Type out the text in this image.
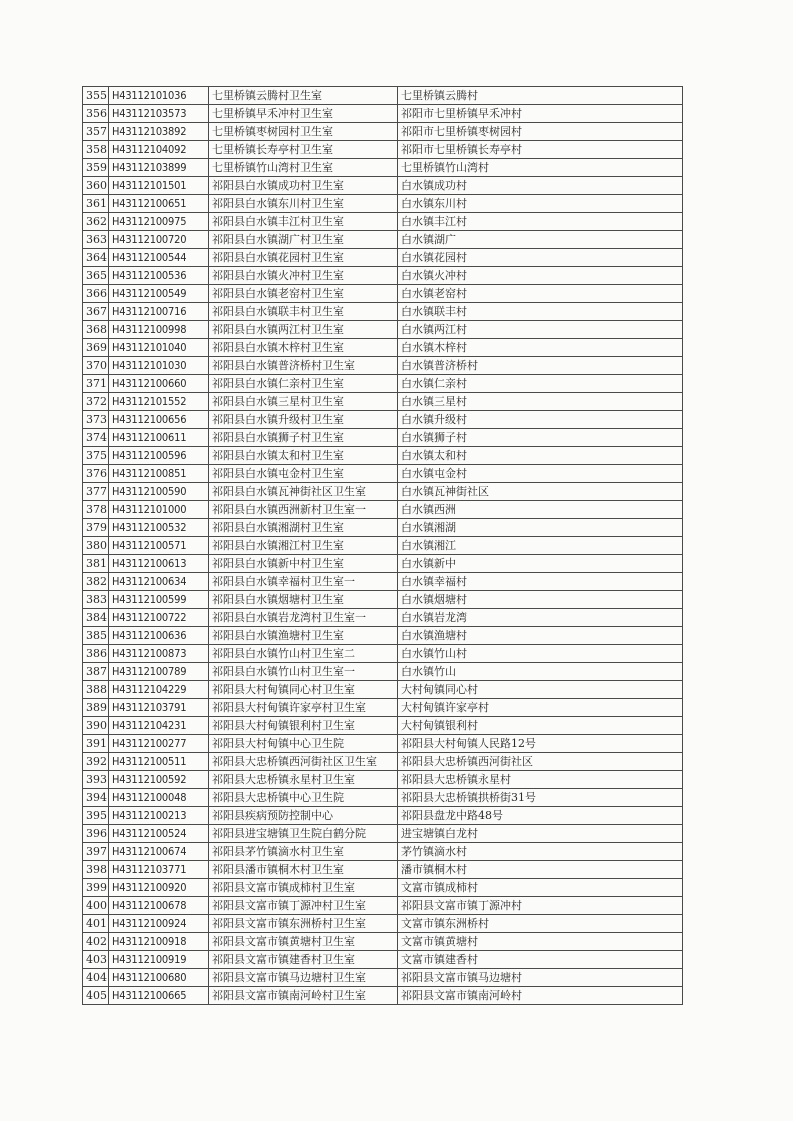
355	H43112101036	七里桥镇云腾村卫生室	七里桥镇云腾村
356	H43112103573	七里桥镇早禾冲村卫生室	祁阳市七里桥镇早禾冲村
357	H43112103892	七里桥镇枣树园村卫生室	祁阳市七里桥镇枣树园村
358	H43112104092	七里桥镇长寿亭村卫生室	祁阳市七里桥镇长寿亭村
359	H43112103899	七里桥镇竹山湾村卫生室	七里桥镇竹山湾村
360	H43112101501	祁阳县白水镇成功村卫生室	白水镇成功村
361	H43112100651	祁阳县白水镇东川村卫生室	白水镇东川村
362	H43112100975	祁阳县白水镇丰江村卫生室	白水镇丰江村
363	H43112100720	祁阳县白水镇湖广村卫生室	白水镇湖广
364	H43112100544	祁阳县白水镇花园村卫生室	白水镇花园村
365	H43112100536	祁阳县白水镇火冲村卫生室	白水镇火冲村
366	H43112100549	祁阳县白水镇老窑村卫生室	白水镇老窑村
367	H43112100716	祁阳县白水镇联丰村卫生室	白水镇联丰村
368	H43112100998	祁阳县白水镇两江村卫生室	白水镇两江村
369	H43112101040	祁阳县白水镇木梓村卫生室	白水镇木梓村
370	H43112101030	祁阳县白水镇普济桥村卫生室	白水镇普济桥村
371	H43112100660	祁阳县白水镇仁亲村卫生室	白水镇仁亲村
372	H43112101552	祁阳县白水镇三星村卫生室	白水镇三星村
373	H43112100656	祁阳县白水镇升级村卫生室	白水镇升级村
374	H43112100611	祁阳县白水镇狮子村卫生室	白水镇狮子村
375	H43112100596	祁阳县白水镇太和村卫生室	白水镇太和村
376	H43112100851	祁阳县白水镇屯金村卫生室	白水镇屯金村
377	H43112100590	祁阳县白水镇瓦神街社区卫生室	白水镇瓦神街社区
378	H43112101000	祁阳县白水镇西洲新村卫生室一	白水镇西洲
379	H43112100532	祁阳县白水镇湘湖村卫生室	白水镇湘湖
380	H43112100571	祁阳县白水镇湘江村卫生室	白水镇湘江
381	H43112100613	祁阳县白水镇新中村卫生室	白水镇新中
382	H43112100634	祁阳县白水镇幸福村卫生室一	白水镇幸福村
383	H43112100599	祁阳县白水镇烟塘村卫生室	白水镇烟塘村
384	H43112100722	祁阳县白水镇岩龙湾村卫生室一	白水镇岩龙湾
385	H43112100636	祁阳县白水镇渔塘村卫生室	白水镇渔塘村
386	H43112100873	祁阳县白水镇竹山村卫生室二	白水镇竹山村
387	H43112100789	祁阳县白水镇竹山村卫生室一	白水镇竹山
388	H43112104229	祁阳县大村甸镇同心村卫生室	大村甸镇同心村
389	H43112103791	祁阳县大村甸镇许家亭村卫生室	大村甸镇许家亭村
390	H43112104231	祁阳县大村甸镇银利村卫生室	大村甸镇银利村
391	H43112100277	祁阳县大村甸镇中心卫生院	祁阳县大村甸镇人民路12号
392	H43112100511	祁阳县大忠桥镇西河街社区卫生室	祁阳县大忠桥镇西河街社区
393	H43112100592	祁阳县大忠桥镇永星村卫生室	祁阳县大忠桥镇永星村
394	H43112100048	祁阳县大忠桥镇中心卫生院	祁阳县大忠桥镇拱桥街31号
395	H43112100213	祁阳县疾病预防控制中心	祁阳县盘龙中路48号
396	H43112100524	祁阳县进宝塘镇卫生院白鹤分院	进宝塘镇白龙村
397	H43112100674	祁阳县茅竹镇滴水村卫生室	茅竹镇滴水村
398	H43112103771	祁阳县潘市镇桐木村卫生室	潘市镇桐木村
399	H43112100920	祁阳县文富市镇成柿村卫生室	文富市镇成柿村
400	H43112100678	祁阳县文富市镇丁源冲村卫生室	祁阳县文富市镇丁源冲村
401	H43112100924	祁阳县文富市镇东洲桥村卫生室	文富市镇东洲桥村
402	H43112100918	祁阳县文富市镇黄塘村卫生室	文富市镇黄塘村
403	H43112100919	祁阳县文富市镇建香村卫生室	文富市镇建香村
404	H43112100680	祁阳县文富市镇马边塘村卫生室	祁阳县文富市镇马边塘村
405	H43112100665	祁阳县文富市镇南河岭村卫生室	祁阳县文富市镇南河岭村
